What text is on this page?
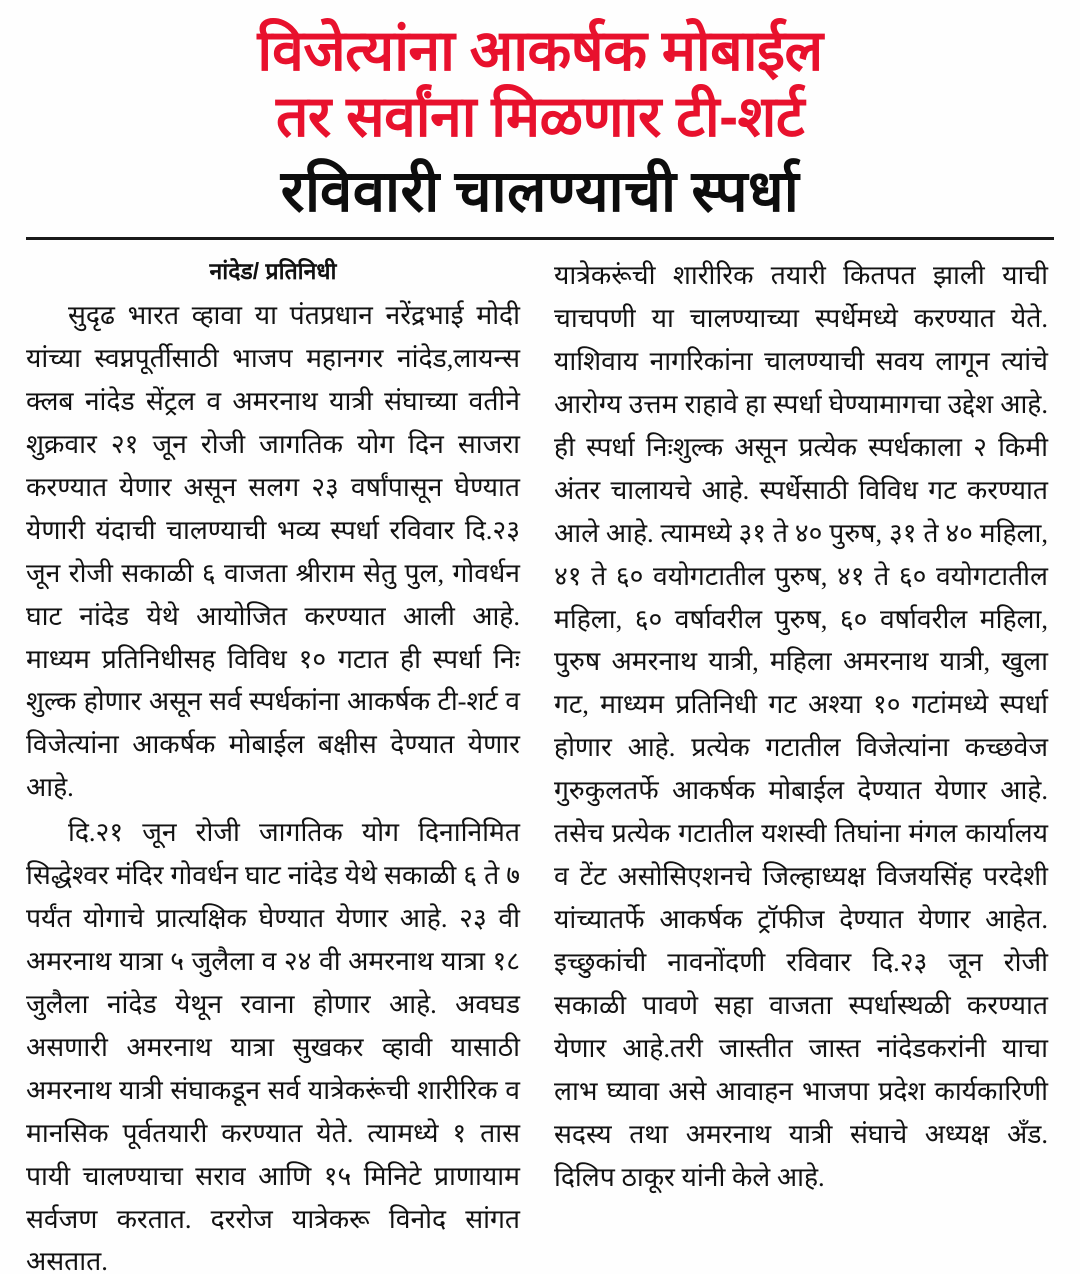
विजेत्यांना आकर्षक मोबाईल
तर सर्वांना मिळणार टी-शर्ट
रविवारी चालण्याची स्पर्धा
नांदेड/ प्रतिनिधी

सुदृढ भारत व्हावा या पंतप्रधान नरेंद्रभाई मोदी यांच्या स्वप्नपूर्तीसाठी भाजप महानगर नांदेड,लायन्स क्लब नांदेड सेंट्रल व अमरनाथ यात्री संघाच्या वतीने शुक्रवार २१ जून रोजी जागतिक योग दिन साजरा करण्यात येणार असून सलग २३ वर्षांपासून घेण्यात येणारी यंदाची चालण्याची भव्य स्पर्धा रविवार दि.२३ जून रोजी सकाळी ६ वाजता श्रीराम सेतु पुल, गोवर्धन घाट नांदेड येथे आयोजित करण्यात आली आहे. माध्यम प्रतिनिधीसह विविध १० गटात ही स्पर्धा निः शुल्क होणार असून सर्व स्पर्धकांना आकर्षक टी-शर्ट व विजेत्यांना आकर्षक मोबाईल बक्षीस देण्यात येणार आहे.

दि.२१ जून रोजी जागतिक योग दिनानिमित सिद्धेश्वर मंदिर गोवर्धन घाट नांदेड येथे सकाळी ६ ते ७ पर्यंत योगाचे प्रात्यक्षिक घेण्यात येणार आहे. २३ वी अमरनाथ यात्रा ५ जुलैला व २४ वी अमरनाथ यात्रा १८ जुलैला नांदेड येथून रवाना होणार आहे. अवघड असणारी अमरनाथ यात्रा सुखकर व्हावी यासाठी अमरनाथ यात्री संघाकडून सर्व यात्रेकरूंची शारीरिक व मानसिक पूर्वतयारी करण्यात येते. त्यामध्ये १ तास पायी चालण्याचा सराव आणि १५ मिनिटे प्राणायाम सर्वजण करतात. दररोज यात्रेकरू विनोद सांगत असतात.

यात्रेकरूंची शारीरिक तयारी कितपत झाली याची चाचपणी या चालण्याच्या स्पर्धेमध्ये करण्यात येते. याशिवाय नागरिकांना चालण्याची सवय लागून त्यांचे आरोग्य उत्तम राहावे हा स्पर्धा घेण्यामागचा उद्देश आहे. ही स्पर्धा निःशुल्क असून प्रत्येक स्पर्धकाला २ किमी अंतर चालायचे आहे. स्पर्धेसाठी विविध गट करण्यात आले आहे. त्यामध्ये ३१ ते ४० पुरुष, ३१ ते ४० महिला, ४१ ते ६० वयोगटातील पुरुष, ४१ ते ६० वयोगटातील महिला, ६० वर्षावरील पुरुष, ६० वर्षावरील महिला, पुरुष अमरनाथ यात्री, महिला अमरनाथ यात्री, खुला गट, माध्यम प्रतिनिधी गट अश्या १० गटांमध्ये स्पर्धा होणार आहे. प्रत्येक गटातील विजेत्यांना कच्छवेज गुरुकुलतर्फे आकर्षक मोबाईल देण्यात येणार आहे. तसेच प्रत्येक गटातील यशस्वी तिघांना मंगल कार्यालय व टेंट असोसिएशनचे जिल्हाध्यक्ष विजयसिंह परदेशी यांच्यातर्फे आकर्षक ट्रॉफीज देण्यात येणार आहेत. इच्छुकांची नावनोंदणी रविवार दि.२३ जून रोजी सकाळी पावणे सहा वाजता स्पर्धास्थळी करण्यात येणार आहे.तरी जास्तीत जास्त नांदेडकरांनी याचा लाभ घ्यावा असे आवाहन भाजपा प्रदेश कार्यकारिणी सदस्य तथा अमरनाथ यात्री संघाचे अध्यक्ष अँड. दिलिप ठाकूर यांनी केले आहे.
